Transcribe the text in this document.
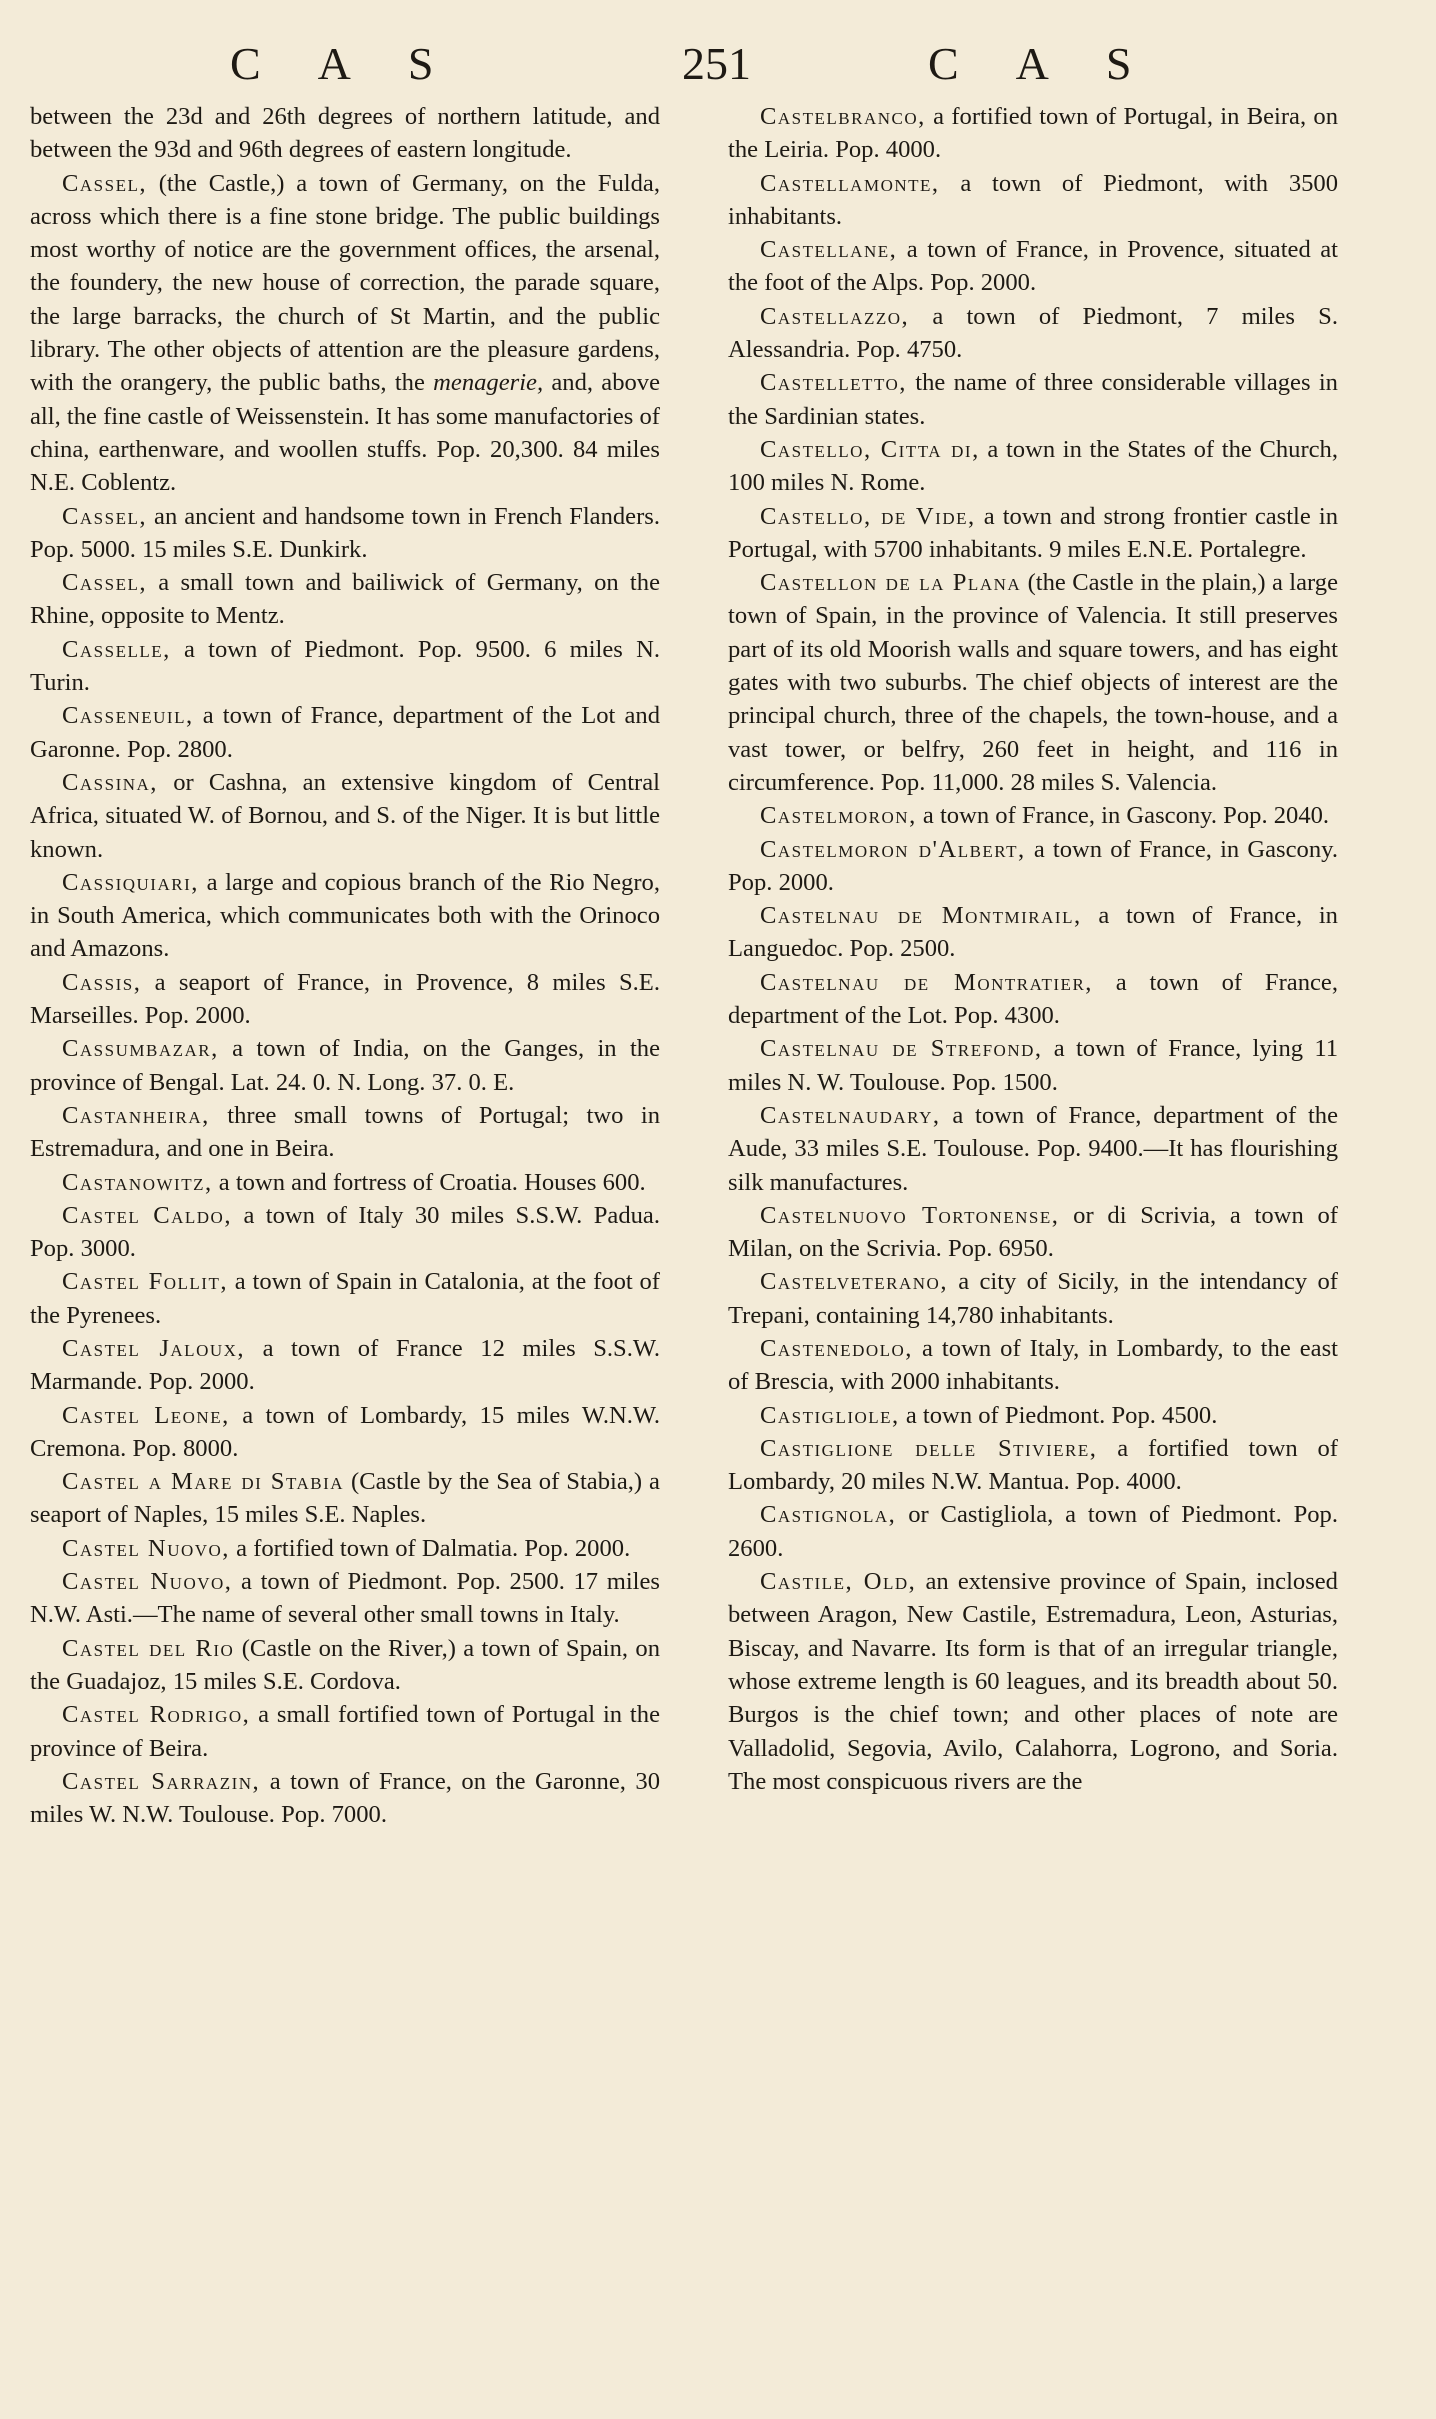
C A S	251	C A S

between the 23d and 26th degrees of northern latitude, and between the 93d and 96th degrees of eastern longitude.

Cassel, (the Castle,) a town of Germany, on the Fulda, across which there is a fine stone bridge. The public buildings most worthy of notice are the government offices, the arsenal, the foundery, the new house of correction, the parade square, the large barracks, the church of St Martin, and the public library. The other objects of attention are the pleasure gardens, with the orangery, the public baths, the menagerie, and, above all, the fine castle of Weissenstein. It has some manufactories of china, earthenware, and woollen stuffs. Pop. 20,300. 84 miles N.E. Coblentz.

Cassel, an ancient and handsome town in French Flanders. Pop. 5000. 15 miles S.E. Dunkirk.

Cassel, a small town and bailiwick of Germany, on the Rhine, opposite to Mentz.

Casselle, a town of Piedmont. Pop. 9500. 6 miles N. Turin.

Casseneuil, a town of France, department of the Lot and Garonne. Pop. 2800.

Cassina, or Cashna, an extensive kingdom of Central Africa, situated W. of Bornou, and S. of the Niger. It is but little known.

Cassiquiari, a large and copious branch of the Rio Negro, in South America, which communicates both with the Orinoco and Amazons.

Cassis, a seaport of France, in Provence, 8 miles S.E. Marseilles. Pop. 2000.

Cassumbazar, a town of India, on the Ganges, in the province of Bengal. Lat. 24. 0. N. Long. 37. 0. E.

Castanheira, three small towns of Portugal; two in Estremadura, and one in Beira.

Castanowitz, a town and fortress of Croatia. Houses 600.

Castel Caldo, a town of Italy 30 miles S.S.W. Padua. Pop. 3000.

Castel Follit, a town of Spain in Catalonia, at the foot of the Pyrenees.

Castel Jaloux, a town of France 12 miles S.S.W. Marmande. Pop. 2000.

Castel Leone, a town of Lombardy, 15 miles W.N.W. Cremona. Pop. 8000.

Castel a Mare di Stabia (Castle by the Sea of Stabia,) a seaport of Naples, 15 miles S.E. Naples.

Castel Nuovo, a fortified town of Dalmatia. Pop. 2000.

Castel Nuovo, a town of Piedmont. Pop. 2500. 17 miles N.W. Asti.—The name of several other small towns in Italy.

Castel del Rio (Castle on the River,) a town of Spain, on the Guadajoz, 15 miles S.E. Cordova.

Castel Rodrigo, a small fortified town of Portugal in the province of Beira.

Castel Sarrazin, a town of France, on the Garonne, 30 miles W. N.W. Toulouse. Pop. 7000.

Castelbranco, a fortified town of Portugal, in Beira, on the Leiria. Pop. 4000.

Castellamonte, a town of Piedmont, with 3500 inhabitants.

Castellane, a town of France, in Provence, situated at the foot of the Alps. Pop. 2000.

Castellazzo, a town of Piedmont, 7 miles S. Alessandria. Pop. 4750.

Castelletto, the name of three considerable villages in the Sardinian states.

Castello, Citta di, a town in the States of the Church, 100 miles N. Rome.

Castello, de Vide, a town and strong frontier castle in Portugal, with 5700 inhabitants. 9 miles E.N.E. Portalegre.

Castellon de la Plana (the Castle in the plain,) a large town of Spain, in the province of Valencia. It still preserves part of its old Moorish walls and square towers, and has eight gates with two suburbs. The chief objects of interest are the principal church, three of the chapels, the town-house, and a vast tower, or belfry, 260 feet in height, and 116 in circumference. Pop. 11,000. 28 miles S. Valencia.

Castelmoron, a town of France, in Gascony. Pop. 2040.

Castelmoron d'Albert, a town of France, in Gascony. Pop. 2000.

Castelnau de Montmirail, a town of France, in Languedoc. Pop. 2500.

Castelnau de Montratier, a town of France, department of the Lot. Pop. 4300.

Castelnau de Strefond, a town of France, lying 11 miles N. W. Toulouse. Pop. 1500.

Castelnaudary, a town of France, department of the Aude, 33 miles S.E. Toulouse. Pop. 9400.—It has flourishing silk manufactures.

Castelnuovo Tortonense, or di Scrivia, a town of Milan, on the Scrivia. Pop. 6950.

Castelveterano, a city of Sicily, in the intendancy of Trepani, containing 14,780 inhabitants.

Castenedolo, a town of Italy, in Lombardy, to the east of Brescia, with 2000 inhabitants.

Castigliole, a town of Piedmont. Pop. 4500.

Castiglione delle Stiviere, a fortified town of Lombardy, 20 miles N.W. Mantua. Pop. 4000.

Castignola, or Castigliola, a town of Piedmont. Pop. 2600.

Castile, Old, an extensive province of Spain, inclosed between Aragon, New Castile, Estremadura, Leon, Asturias, Biscay, and Navarre. Its form is that of an irregular triangle, whose extreme length is 60 leagues, and its breadth about 50. Burgos is the chief town; and other places of note are Valladolid, Segovia, Avilo, Calahorra, Logrono, and Soria. The most conspicuous rivers are the
